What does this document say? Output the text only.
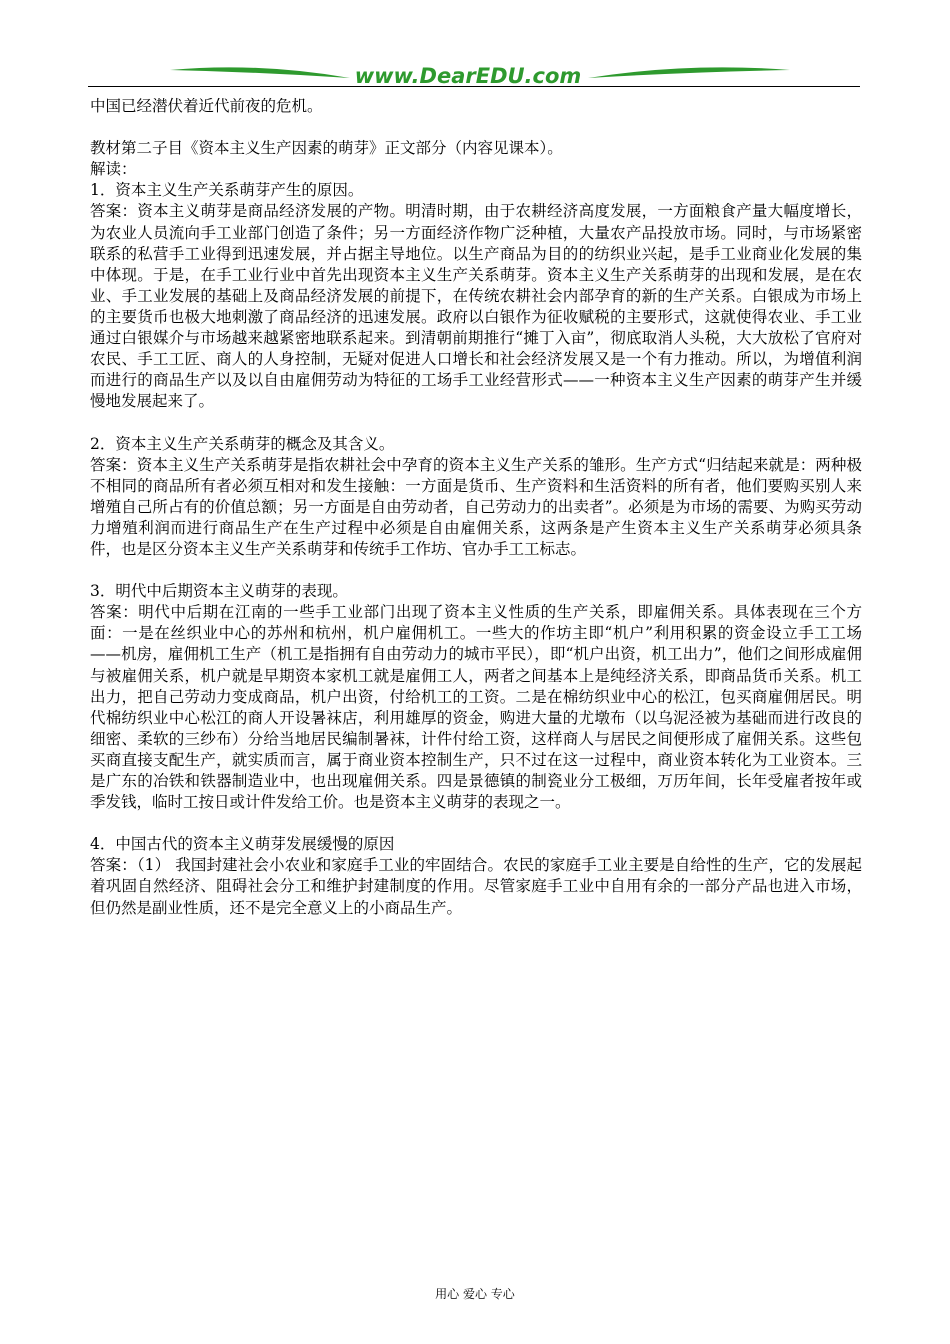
www.DearEDU.com

中国已经潜伏着近代前夜的危机。

教材第二子目《资本主义生产因素的萌芽》正文部分（内容见课本）。

解读：

1．资本主义生产关系萌芽产生的原因。

答案：资本主义萌芽是商品经济发展的产物。明清时期，由于农耕经济高度发展，一方面粮食产量大幅度增长，为农业人员流向手工业部门创造了条件；另一方面经济作物广泛种植，大量农产品投放市场。同时，与市场紧密联系的私营手工业得到迅速发展，并占据主导地位。以生产商品为目的的纺织业兴起，是手工业商业化发展的集中体现。于是，在手工业行业中首先出现资本主义生产关系萌芽。资本主义生产关系萌芽的出现和发展，是在农业、手工业发展的基础上及商品经济发展的前提下，在传统农耕社会内部孕育的新的生产关系。白银成为市场上的主要货币也极大地刺激了商品经济的迅速发展。政府以白银作为征收赋税的主要形式，这就使得农业、手工业通过白银媒介与市场越来越紧密地联系起来。到清朝前期推行“摊丁入亩”，彻底取消人头税，大大放松了官府对农民、手工工匠、商人的人身控制，无疑对促进人口增长和社会经济发展又是一个有力推动。所以，为增值利润而进行的商品生产以及以自由雇佣劳动为特征的工场手工业经营形式——一种资本主义生产因素的萌芽产生并缓慢地发展起来了。

2．资本主义生产关系萌芽的概念及其含义。

答案：资本主义生产关系萌芽是指农耕社会中孕育的资本主义生产关系的雏形。生产方式“归结起来就是：两种极不相同的商品所有者必须互相对和发生接触：一方面是货币、生产资料和生活资料的所有者，他们要购买别人来增殖自己所占有的价值总额；另一方面是自由劳动者，自己劳动力的出卖者”。必须是为市场的需要、为购买劳动力增殖利润而进行商品生产在生产过程中必须是自由雇佣关系，这两条是产生资本主义生产关系萌芽必须具条件，也是区分资本主义生产关系萌芽和传统手工作坊、官办手工工标志。

3．明代中后期资本主义萌芽的表现。

答案：明代中后期在江南的一些手工业部门出现了资本主义性质的生产关系，即雇佣关系。具体表现在三个方面：一是在丝织业中心的苏州和杭州，机户雇佣机工。一些大的作坊主即“机户”利用积累的资金设立手工工场——机房，雇佣机工生产（机工是指拥有自由劳动力的城市平民），即“机户出资，机工出力”，他们之间形成雇佣与被雇佣关系，机户就是早期资本家机工就是雇佣工人，两者之间基本上是纯经济关系，即商品货币关系。机工出力，把自己劳动力变成商品，机户出资，付给机工的工资。二是在棉纺织业中心的松江，包买商雇佣居民。明代棉纺织业中心松江的商人开设暑袜店，利用雄厚的资金，购进大量的尤墩布（以乌泥泾被为基础而进行改良的细密、柔软的三纱布）分给当地居民编制暑袜，计件付给工资，这样商人与居民之间便形成了雇佣关系。这些包买商直接支配生产，就实质而言，属于商业资本控制生产，只不过在这一过程中，商业资本转化为工业资本。三是广东的冶铁和铁器制造业中，也出现雇佣关系。四是景德镇的制瓷业分工极细，万历年间，长年受雇者按年或季发钱，临时工按日或计件发给工价。也是资本主义萌芽的表现之一。

4．中国古代的资本主义萌芽发展缓慢的原因

答案：（1） 我国封建社会小农业和家庭手工业的牢固结合。农民的家庭手工业主要是自给性的生产，它的发展起着巩固自然经济、阻碍社会分工和维护封建制度的作用。尽管家庭手工业中自用有余的一部分产品也进入市场，但仍然是副业性质，还不是完全意义上的小商品生产。

用心 爱心 专心
